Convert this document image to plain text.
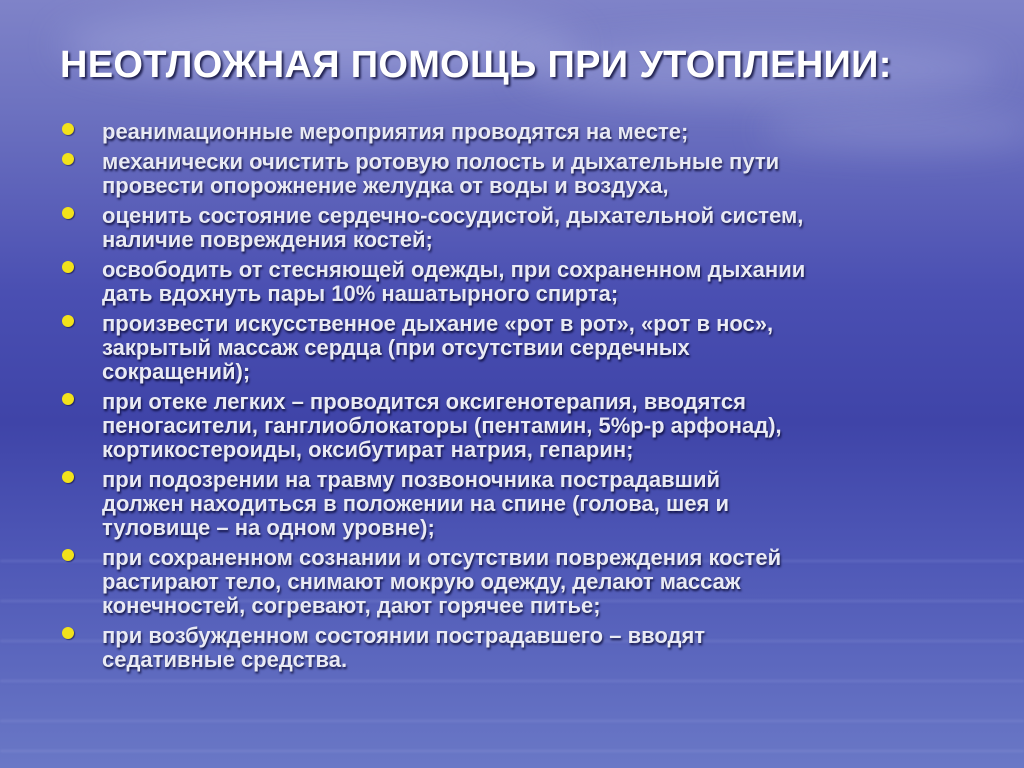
НЕОТЛОЖНАЯ ПОМОЩЬ ПРИ УТОПЛЕНИИ:
реанимационные мероприятия проводятся на месте;
механически очистить ротовую полость и дыхательные пути
провести опорожнение желудка от воды и воздуха,
оценить состояние сердечно-сосудистой, дыхательной систем,
наличие повреждения костей;
освободить от стесняющей одежды, при сохраненном дыхании
дать вдохнуть пары 10% нашатырного спирта;
произвести искусственное дыхание «рот в рот», «рот в нос»,
закрытый массаж сердца (при отсутствии сердечных
сокращений);
при отеке легких – проводится оксигенотерапия, вводятся
пеногасители, ганглиоблокаторы (пентамин, 5%р-р арфонад),
кортикостероиды, оксибутират натрия, гепарин;
при подозрении на травму позвоночника пострадавший
должен находиться в положении на спине (голова, шея и
туловище – на одном уровне);
при сохраненном сознании и отсутствии повреждения костей
растирают тело, снимают мокрую одежду, делают массаж
конечностей, согревают, дают горячее питье;
при возбужденном состоянии пострадавшего – вводят
седативные средства.
